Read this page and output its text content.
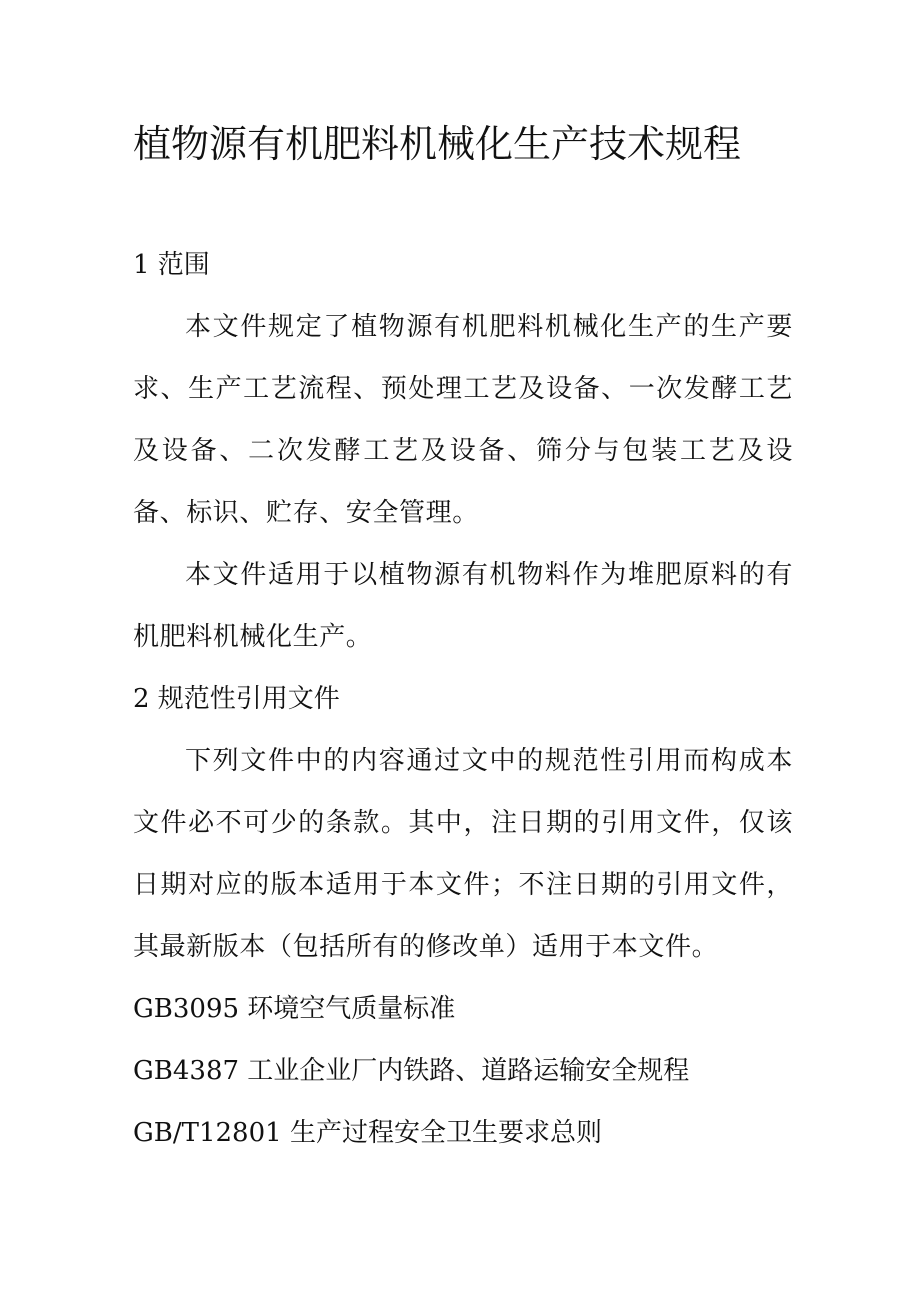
植物源有机肥料机械化生产技术规程
1 范围

本文件规定了植物源有机肥料机械化生产的生产要求、生产工艺流程、预处理工艺及设备、一次发酵工艺及设备、二次发酵工艺及设备、筛分与包装工艺及设备、标识、贮存、安全管理。

本文件适用于以植物源有机物料作为堆肥原料的有机肥料机械化生产。

2 规范性引用文件

下列文件中的内容通过文中的规范性引用而构成本文件必不可少的条款。其中，注日期的引用文件，仅该日期对应的版本适用于本文件；不注日期的引用文件，其最新版本（包括所有的修改单）适用于本文件。

GB3095 环境空气质量标准

GB4387 工业企业厂内铁路、道路运输安全规程

GB/T12801 生产过程安全卫生要求总则
